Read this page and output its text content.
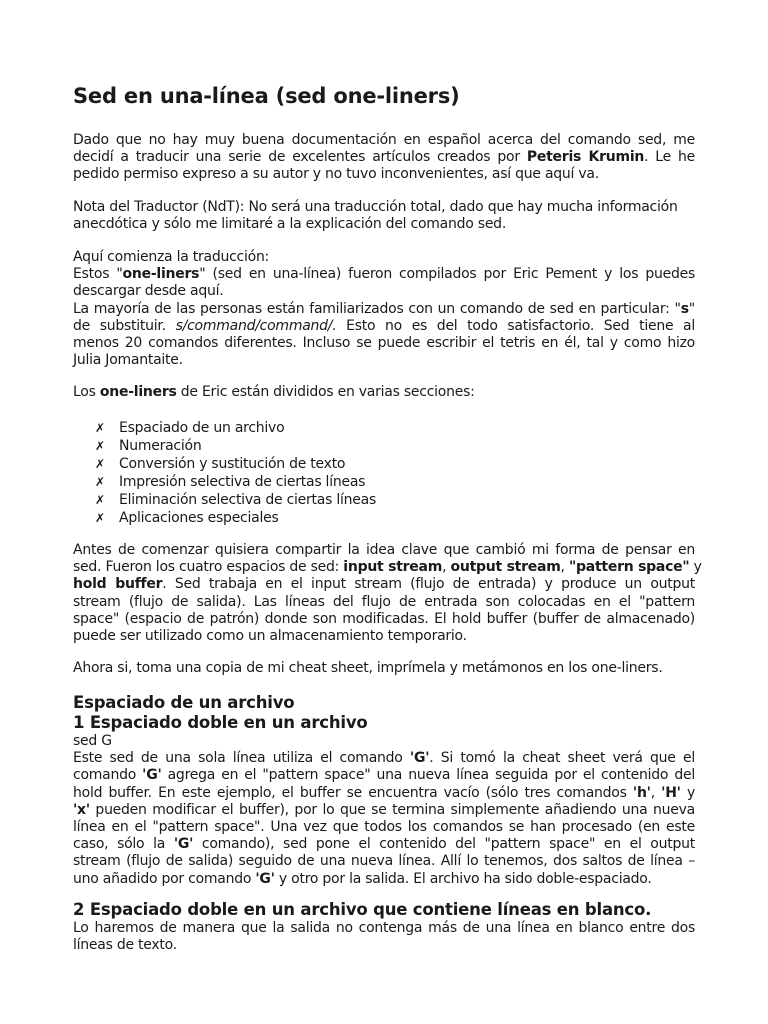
Sed en una-línea (sed one-liners)
Dado que no hay muy buena documentación en español acerca del comando sed, me
decidí a traducir una serie de excelentes artículos creados por Peteris Krumin. Le he
pedido permiso expreso a su autor y no tuvo inconvenientes, así que aquí va.
Nota del Traductor (NdT): No será una traducción total, dado que hay mucha información
anecdótica y sólo me limitaré a la explicación del comando sed.
Aquí comienza la traducción:
Estos "one-liners" (sed en una-línea) fueron compilados por Eric Pement y los puedes
descargar desde aquí.
La mayoría de las personas están familiarizados con un comando de sed en particular: "s"
de substituir. s/command/command/. Esto no es del todo satisfactorio. Sed tiene al
menos 20 comandos diferentes. Incluso se puede escribir el tetris en él, tal y como hizo
Julia Jomantaite.
Los one-liners de Eric están divididos en varias secciones:
✗	Espaciado de un archivo
✗	Numeración
✗	Conversión y sustitución de texto
✗	Impresión selectiva de ciertas líneas
✗	Eliminación selectiva de ciertas líneas
✗	Aplicaciones especiales
Antes de comenzar quisiera compartir la idea clave que cambió mi forma de pensar en
sed. Fueron los cuatro espacios de sed: input stream, output stream, "pattern space" y
hold buffer. Sed trabaja en el input stream (flujo de entrada) y produce un output
stream (flujo de salida). Las líneas del flujo de entrada son colocadas en el "pattern
space" (espacio de patrón) donde son modificadas. El hold buffer (buffer de almacenado)
puede ser utilizado como un almacenamiento temporario.
Ahora si, toma una copia de mi cheat sheet, imprímela y metámonos en los one-liners.
Espaciado de un archivo
1 Espaciado doble en un archivo
sed G
Este sed de una sola línea utiliza el comando 'G'. Si tomó la cheat sheet verá que el
comando 'G' agrega en el "pattern space" una nueva línea seguida por el contenido del
hold buffer. En este ejemplo, el buffer se encuentra vacío (sólo tres comandos 'h', 'H' y
'x' pueden modificar el buffer), por lo que se termina simplemente añadiendo una nueva
línea en el "pattern space". Una vez que todos los comandos se han procesado (en este
caso, sólo la 'G' comando), sed pone el contenido del "pattern space" en el output
stream (flujo de salida) seguido de una nueva línea. Allí lo tenemos, dos saltos de línea –
uno añadido por comando 'G' y otro por la salida. El archivo ha sido doble-espaciado.
2 Espaciado doble en un archivo que contiene líneas en blanco.
Lo haremos de manera que la salida no contenga más de una línea en blanco entre dos
líneas de texto.
